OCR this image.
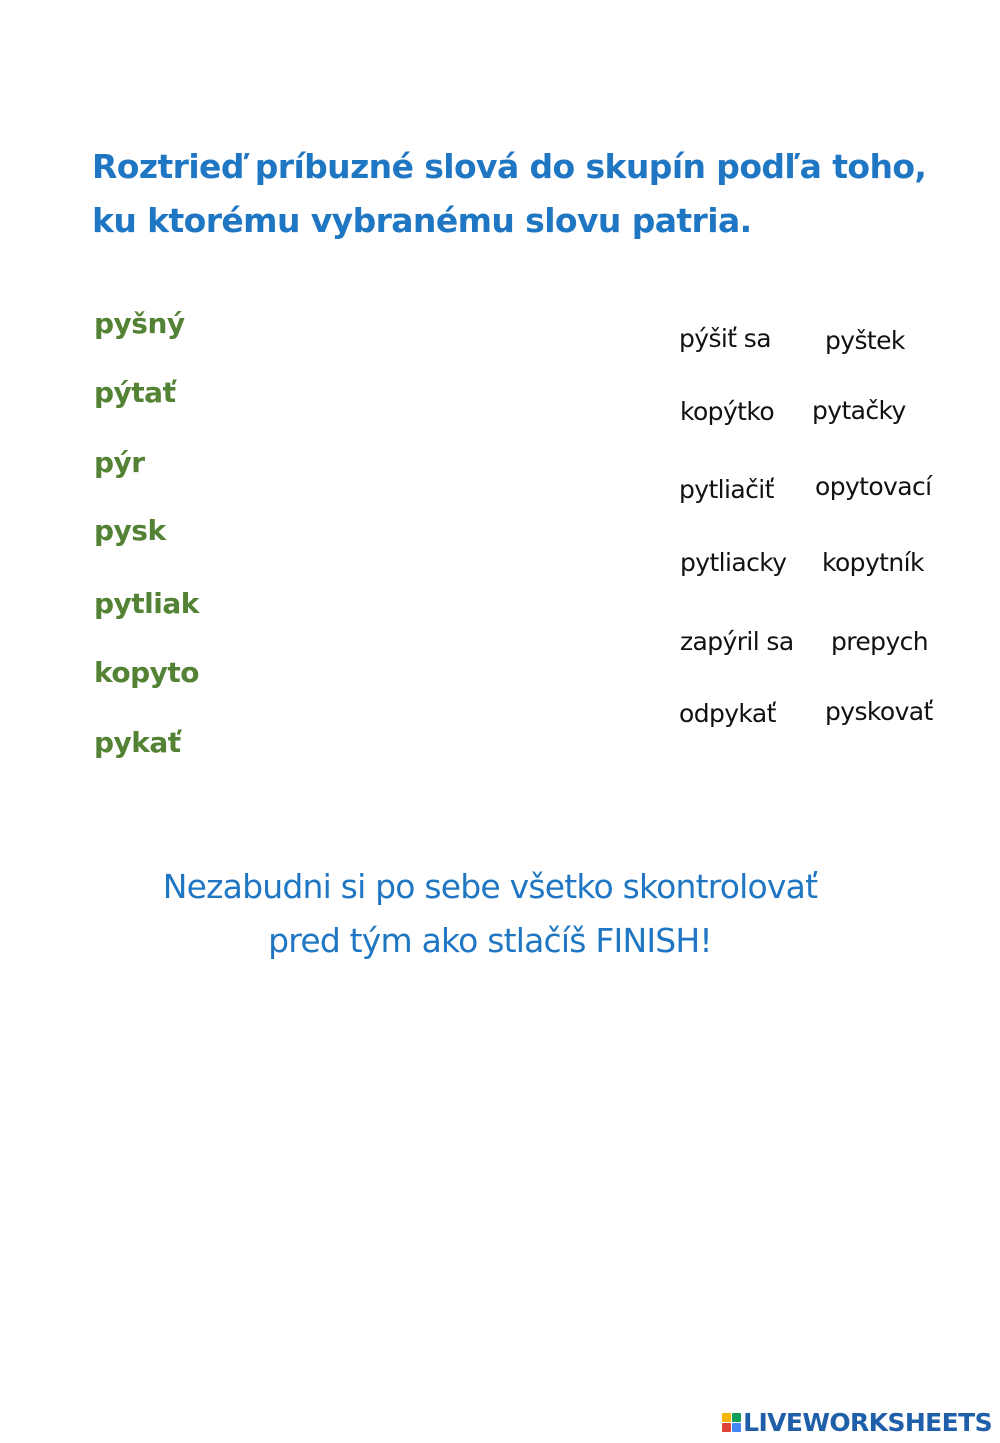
Roztrieď príbuzné slová do skupín podľa toho,
ku ktorému vybranému slovu patria.
pyšný
pýtať
pýr
pysk
pytliak
kopyto
pykať
pýšiť sa pyštek
kopýtko pytačky
pytliačiť opytovací
pytliacky kopytník
zapýril sa prepych
odpykať pyskovať
Nezabudni si po sebe všetko skontrolovať
pred tým ako stlačíš FINISH!
LIVEWORKSHEETS
